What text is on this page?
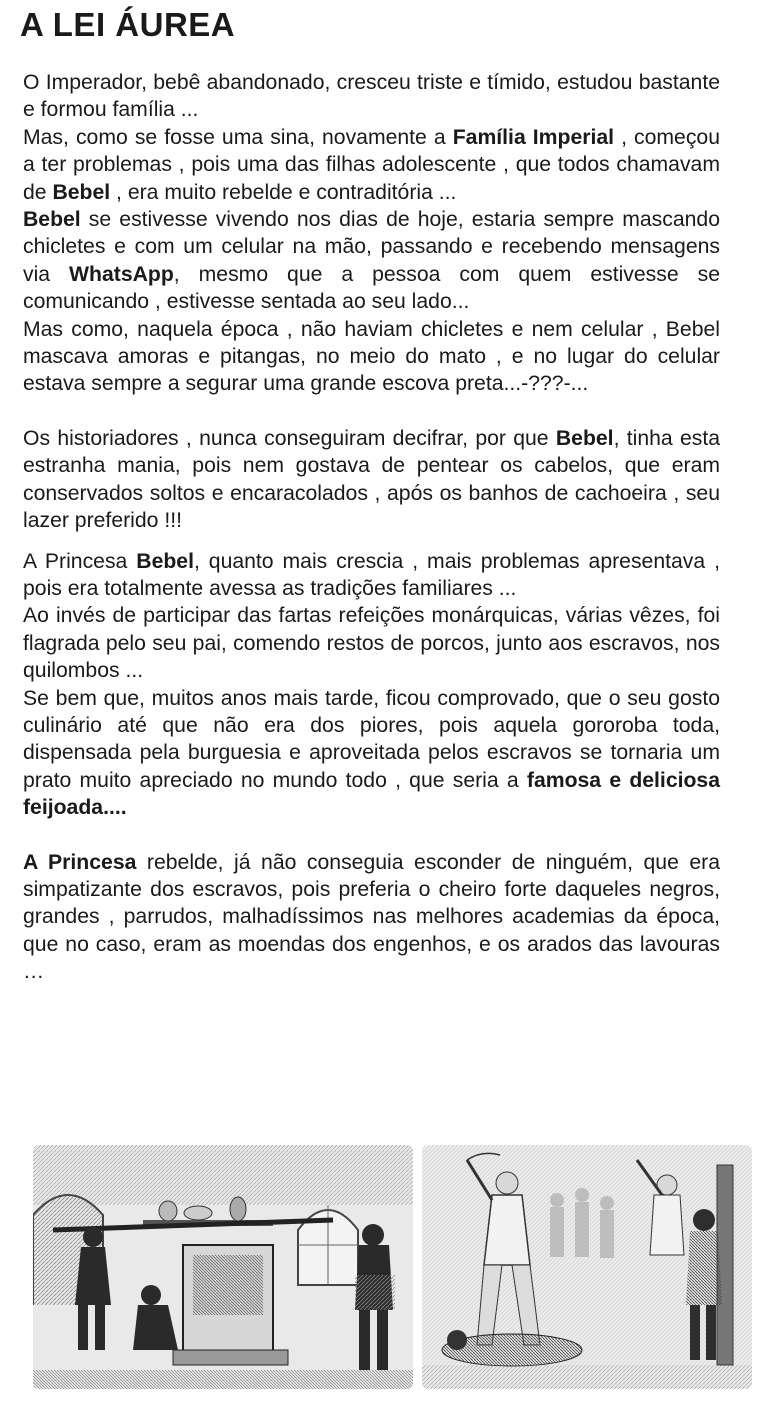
A LEI ÁUREA

O Imperador, bebê abandonado, cresceu triste e tímido, estudou bastante e formou família ...

Mas, como se fosse uma sina, novamente a Família Imperial , começou a ter problemas , pois uma das filhas adolescente , que todos chamavam de Bebel , era muito rebelde e contraditória ...

Bebel se estivesse vivendo nos dias de hoje, estaria sempre mascando chicletes e com um celular na mão, passando e recebendo mensagens via WhatsApp, mesmo que a pessoa com quem estivesse se comunicando , estivesse sentada ao seu lado...

Mas como, naquela época , não haviam chicletes e nem celular , Bebel mascava amoras e pitangas, no meio do mato , e no lugar do celular estava sempre a segurar uma grande escova preta...-???-...

Os historiadores , nunca conseguiram decifrar, por que Bebel, tinha esta estranha mania, pois nem gostava de pentear os cabelos, que eram conservados soltos e encaracolados , após os banhos de cachoeira , seu lazer preferido !!!

A Princesa Bebel, quanto mais crescia , mais problemas apresentava , pois era totalmente avessa as tradições familiares ...

Ao invés de participar das fartas refeições monárquicas, várias vêzes, foi flagrada pelo seu pai, comendo restos de porcos, junto aos escravos, nos quilombos ...

Se bem que, muitos anos mais tarde, ficou comprovado, que o seu gosto culinário até que não era dos piores, pois aquela gororoba toda, dispensada pela burguesia e aproveitada pelos escravos se tornaria um prato muito apreciado no mundo todo , que seria a famosa e deliciosa feijoada....

A Princesa rebelde, já não conseguia esconder de ninguém, que era simpatizante dos escravos, pois preferia o cheiro forte daqueles negros, grandes , parrudos, malhadíssimos nas melhores academias da época, que no caso, eram as moendas dos engenhos, e os arados das lavouras …
